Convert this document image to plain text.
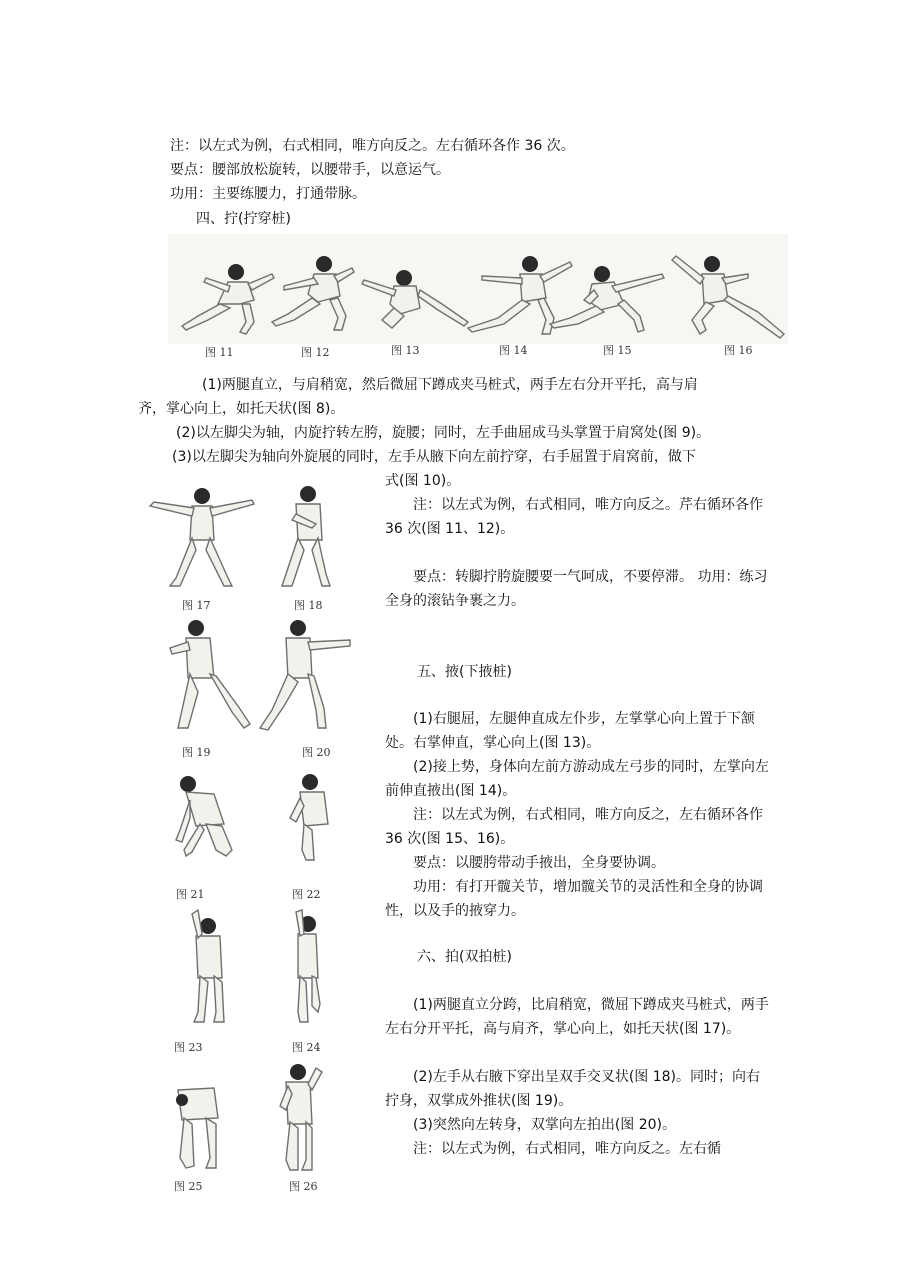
注：以左式为例，右式相同，唯方向反之。左右循环各作 36 次。
要点：腰部放松旋转，以腰带手，以意运气。
功用：主要练腰力，打通带脉。
四、拧(拧穿桩)
图 11	图 12	图 13	图 14	图 15	图 16
(1)两腿直立，与肩稍宽，然后微屈下蹲成夹马桩式，两手左右分开平托，高与肩
齐，掌心向上，如托天状(图 8)。
(2)以左脚尖为轴，内旋拧转左胯，旋腰；同时，左手曲屈成马头掌置于肩窝处(图 9)。
(3)以左脚尖为轴向外旋展的同时，左手从腋下向左前拧穿，右手屈置于肩窝前，做下
式(图 10)。
注：以左式为例，右式相同，唯方向反之。芹右循环各作 36 次(图 11、12)。
要点：转脚拧胯旋腰要一气呵成，不要停滞。 功用：练习全身的滚钻争裹之力。
五、掖(下掖桩)
(1)右腿屈，左腿伸直成左仆步，左掌掌心向上置于下颔处。右掌伸直，掌心向上(图 13)。
(2)接上势，身体向左前方游动成左弓步的同时，左掌向左前伸直掖出(图 14)。
注：以左式为例，右式相同，唯方向反之，左右循环各作 36 次(图 15、16)。
要点：以腰胯带动手掖出，全身要协调。
功用：有打开髋关节，增加髋关节的灵活性和全身的协调性，以及手的掖穿力。
六、拍(双拍桩)
(1)两腿直立分跨，比肩稍宽，微屈下蹲成夹马桩式，两手左右分开平托，高与肩齐，掌心向上，如托天状(图 17)。
(2)左手从右腋下穿出呈双手交叉状(图 18)。同时；向右拧身，双掌成外推状(图 19)。
(3)突然向左转身，双掌向左拍出(图 20)。
注：以左式为例，右式相同，唯方向反之。左右循
图 17	图 18
图 19	图 20
图 21	图 22
图 23	图 24
图 25	图 26
